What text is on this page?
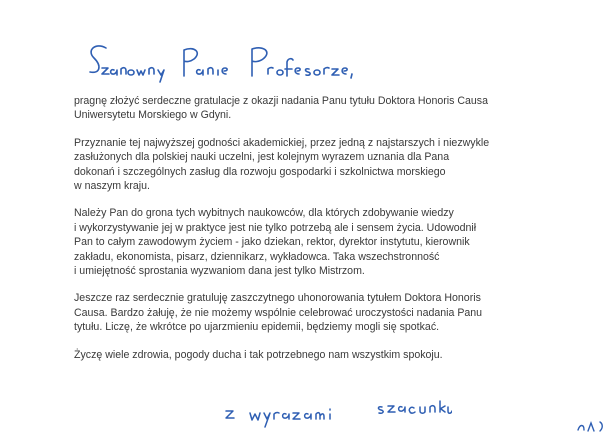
pragnę złożyć serdeczne gratulacje z okazji nadania Panu tytułu Doktora Honoris Causa
Uniwersytetu Morskiego w Gdyni.

Przyznanie tej najwyższej godności akademickiej, przez jedną z najstarszych i niezwykle
zasłużonych dla polskiej nauki uczelni, jest kolejnym wyrazem uznania dla Pana
dokonań i szczególnych zasług dla rozwoju gospodarki i szkolnictwa morskiego
w naszym kraju.

Należy Pan do grona tych wybitnych naukowców, dla których zdobywanie wiedzy
i wykorzystywanie jej w praktyce jest nie tylko potrzebą ale i sensem życia. Udowodnił
Pan to całym zawodowym życiem - jako dziekan, rektor, dyrektor instytutu, kierownik
zakładu, ekonomista, pisarz, dziennikarz, wykładowca. Taka wszechstronność
i umiejętność sprostania wyzwaniom dana jest tylko Mistrzom.

Jeszcze raz serdecznie gratuluję zaszczytnego uhonorowania tytułem Doktora Honoris
Causa. Bardzo żałuję, że nie możemy wspólnie celebrować uroczystości nadania Panu
tytułu. Liczę, że wkrótce po ujarzmieniu epidemii, będziemy mogli się spotkać.

Życzę wiele zdrowia, pogody ducha i tak potrzebnego nam wszystkim spokoju.
